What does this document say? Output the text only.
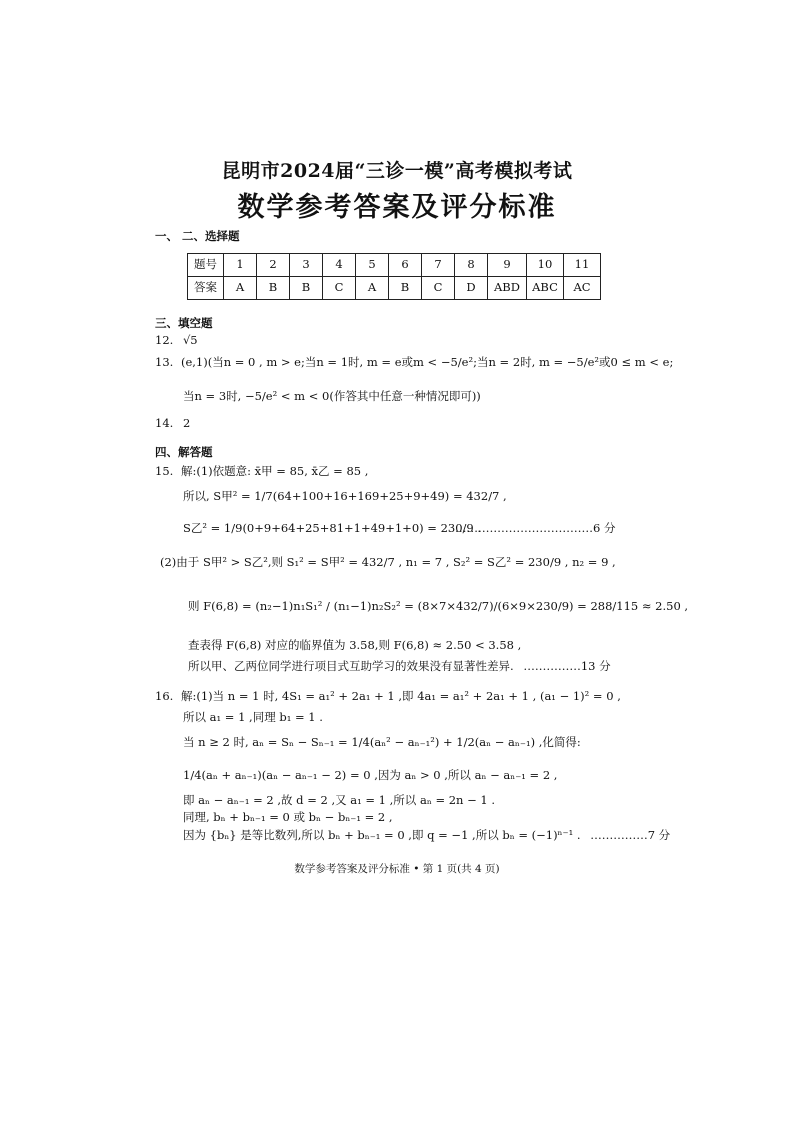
昆明市2024届“三诊一模”高考模拟考试
数学参考答案及评分标准
一、 二、选择题
题号	1	2	3	4	5	6	7	8	9	10	11
答案	A	B	B	C	A	B	C	D	ABD	ABC	AC
三、填空题
12. √5
13. (e,1)(当n = 0 , m > e;当n = 1时, m = e或m < −5/e²;当n = 2时, m = −5/e²或0 ≤ m < e;
当n = 3时, −5/e² < m < 0(作答其中任意一种情况即可))
14. 2
四、解答题
15. 解:(1)依题意: x̄甲 = 85, x̄乙 = 85 ,
所以, S甲² = 1/7(64+100+16+169+25+9+49) = 432/7 ,
S乙² = 1/9(0+9+64+25+81+1+49+1+0) = 230/9 .
………………………………6 分
(2)由于 S甲² > S乙²,则 S₁² = S甲² = 432/7 , n₁ = 7 , S₂² = S乙² = 230/9 , n₂ = 9 ,
则 F(6,8) = (n₂−1)n₁S₁² / (n₁−1)n₂S₂² = (8×7×432/7)/(6×9×230/9) = 288/115 ≈ 2.50 ,
查表得 F(6,8) 对应的临界值为 3.58,则 F(6,8) ≈ 2.50 < 3.58 ,
所以甲、乙两位同学进行项目式互助学习的效果没有显著性差异. ……………13 分
16. 解:(1)当 n = 1 时, 4S₁ = a₁² + 2a₁ + 1 ,即 4a₁ = a₁² + 2a₁ + 1 , (a₁ − 1)² = 0 ,
所以 a₁ = 1 ,同理 b₁ = 1 .
当 n ≥ 2 时, aₙ = Sₙ − Sₙ₋₁ = 1/4(aₙ² − aₙ₋₁²) + 1/2(aₙ − aₙ₋₁) ,化简得:
1/4(aₙ + aₙ₋₁)(aₙ − aₙ₋₁ − 2) = 0 ,因为 aₙ > 0 ,所以 aₙ − aₙ₋₁ = 2 ,
即 aₙ − aₙ₋₁ = 2 ,故 d = 2 ,又 a₁ = 1 ,所以 aₙ = 2n − 1 .
同理, bₙ + bₙ₋₁ = 0 或 bₙ − bₙ₋₁ = 2 ,
因为 {bₙ} 是等比数列,所以 bₙ + bₙ₋₁ = 0 ,即 q = −1 ,所以 bₙ = (−1)ⁿ⁻¹ . ……………7 分
数学参考答案及评分标准 • 第 1 页(共 4 页)
